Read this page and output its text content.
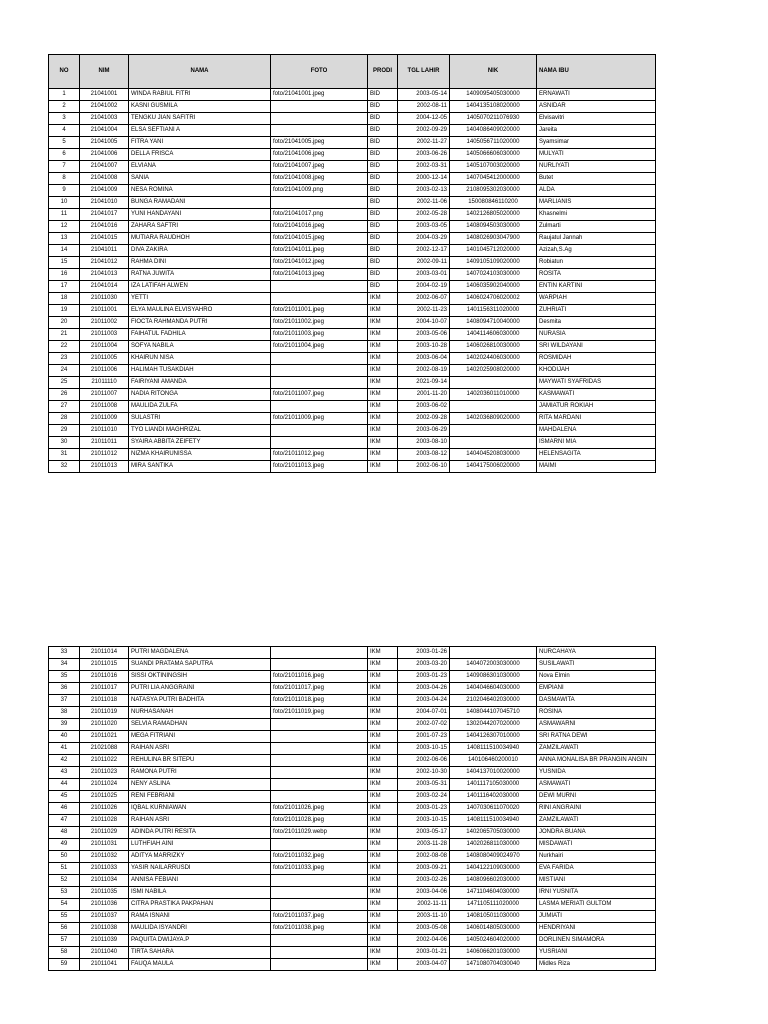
NO	NIM	NAMA	FOTO	PRODI	TGL LAHIR	NIK	NAMA IBU
1	21041001	WINDA RABIUL FITRI	foto/21041001.jpeg	BID	2003-05-14	1409095405030000	ERNAWATI
2	21041002	KASNI GUSMILA		BID	2002-08-11	1404135108020000	ASNIDAR
3	21041003	TENGKU JIAN SAFITRI		BID	2004-12-05	1405070211076930	Elvisavitri
4	21041004	ELSA SEFTIANI A		BID	2002-09-29	1404086409020000	Jareita
5	21041005	FITRA YANI	foto/21041005.jpeg	BID	2002-11-27	1405056711020000	Syamsimar
6	21041006	DELLA FRISCA	foto/21041006.jpeg	BID	2003-06-26	1405066606030000	MULYATI
7	21041007	ELVIANA	foto/21041007.jpeg	BID	2002-03-31	1405107003020000	NURLIYATI
8	21041008	SANIA	foto/21041008.jpeg	BID	2000-12-14	1407045412000000	Butet
9	21041009	NESA ROMINA	foto/21041009.png	BID	2003-02-13	2108095302030000	ALDA
10	21041010	BUNGA RAMADANI		BID	2002-11-06	150080846110200	MARLIANIS
11	21041017	YUNI HANDAYANI	foto/21041017.png	BID	2002-05-28	1402126805020000	Khasnelmi
12	21041016	ZAHARA SAFTRI	foto/21041016.jpeg	BID	2003-03-05	1408094503030000	Zulmarti
13	21041015	MUTIARA RAUDHOH	foto/21041015.jpeg	BID	2004-03-29	1408026903047900	Raujatul Jannah
14	21041011	DIVA ZAKIRA	foto/21041011.jpeg	BID	2002-12-17	1401045712020000	Azizah,S.Ag
15	21041012	RAHMA DINI	foto/21041012.jpeg	BID	2002-09-11	1409105109020000	Robiatun
16	21041013	RATNA JUWITA	foto/21041013.jpeg	BID	2003-03-01	1407024103030000	ROSITA
17	21041014	IZA LATIFAH ALWEN		BID	2004-02-19	1406035902040000	ENTIN KARTINI
18	21011030	YETTI		IKM	2002-06-07	1406024706020002	WARPIAH
19	21011001	ELYA MAULINA ELVISYAHRO	foto/21011001.jpeg	IKM	2002-11-23	1401156311020000	ZUHRIATI
20	21011002	FIOCTA RAHMANDA PUTRI	foto/21011002.jpeg	IKM	2004-10-07	1408094710040000	Desmita
21	21011003	FAIHATUL FADHILA	foto/21011003.jpeg	IKM	2003-05-06	1404114606030000	NURASIA
22	21011004	SOFYA NABILA	foto/21011004.jpeg	IKM	2003-10-28	1406026810030000	SRI WILDAYANI
23	21011005	KHAIRUN NISA		IKM	2003-06-04	1402024406030000	ROSMIDAH
24	21011006	HALIMAH TUSAKDIAH		IKM	2002-08-19	1402025908020000	KHODIJAH
25	21011110	FAIRIYANI AMANDA		IKM	2021-09-14		MAYWATI SYAFRIDAS
26	21011007	NADIA RITONGA	foto/21011007.jpeg	IKM	2001-11-20	1402036011010000	KASMAWATI
27	21011008	MAULIDA ZULFA		IKM	2003-06-02		JAMIATUR ROKIAH
28	21011009	SULASTRI	foto/21011009.jpeg	IKM	2002-09-28	1402036809020000	RITA MARDANI
29	21011010	TYO LIANDI MAGHRIZAL		IKM	2003-06-29		MAHDALENA
30	21011011	SYAIRA ABBITA ZEIFETY		IKM	2003-08-10		ISMARNI MIA
31	21011012	NIZMA KHAIRUNISSA	foto/21011012.jpeg	IKM	2003-08-12	1404045208030000	HELENSAGITA
32	21011013	MIRA SANTIKA	foto/21011013.jpeg	IKM	2002-06-10	1404175006020000	MAIMI
33	21011014	PUTRI MAGDALENA		IKM	2003-01-26		NURCAHAYA
34	21011015	SUANDI PRATAMA SAPUTRA		IKM	2003-03-20	1404072003030000	SUSILAWATI
35	21011016	SISSI OKTININGSIH	foto/21011016.jpeg	IKM	2003-01-23	1409086301030000	Nova Elmin
36	21011017	PUTRI LIA ANGGRAINI	foto/21011017.jpeg	IKM	2003-04-26	1404046604030000	EMPIANI
37	21011018	NATASYA PUTRI BADHITA	foto/21011018.jpeg	IKM	2003-04-24	2102046402030000	DASMAWITA
38	21011019	NURHASANAH	foto/21011019.jpeg	IKM	2004-07-01	1408044107045710	ROSINA
39	21011020	SELVIA RAMADHAN		IKM	2002-07-02	1302044207020000	ASMAWARNI
40	21011021	MEGA FITRIANI		IKM	2001-07-23	1404126307010000	SRI RATNA DEWI
41	21021088	RAIHAN ASRI		IKM	2003-10-15	1408111510034940	ZAMZILAWATI
42	21011022	REHULINA BR SITEPU		IKM	2002-06-06	140106460200010	ANNA MONALISA BR PRANGIN ANGIN
43	21011023	RAMONA PUTRI		IKM	2002-10-30	1404137010020000	YUSNIDA
44	21011024	NENY ASLINA		IKM	2003-05-31	1401117105030000	ASMAWATI
45	21011025	RENI FEBRIANI		IKM	2003-02-24	1401116402030000	DEWI MURNI
46	21011026	IQBAL KURNIAWAN	foto/21011026.jpeg	IKM	2003-01-23	1407030611070020	RINI ANGRAINI
47	21011028	RAIHAN ASRI	foto/21011028.jpeg	IKM	2003-10-15	1408111510034940	ZAMZILAWATI
48	21011029	ADINDA PUTRI RESITA	foto/21011029.webp	IKM	2003-05-17	1402065705030000	JONDRA BUANA
49	21011031	LUTHFIAH AINI		IKM	2003-11-28	1402026811030000	MISDAWATI
50	21011032	ADITYA MARRIZKY	foto/21011032.jpeg	IKM	2002-08-08	1408080409024970	Nurkhairi
51	21011033	YASIR NAILARRUSDI	foto/21011033.jpeg	IKM	2003-09-21	1404122109030000	EVA FARIDA
52	21011034	ANNISA FEBIANI		IKM	2003-02-26	1408096602030000	MISTIANI
53	21011035	ISMI NABILA		IKM	2003-04-06	1471104604030000	IRNI YUSNITA
54	21011036	CITRA PRASTIKA PAKPAHAN		IKM	2002-11-11	1471105111020000	LASMA MERIATI GULTOM
55	21011037	RAMA ISNANI	foto/21011037.jpeg	IKM	2003-11-10	1408105011030000	JUMIATI
56	21011038	MAULIDA ISYANDRI	foto/21011038.jpeg	IKM	2003-05-08	1406014805030000	HENDRIYANI
57	21011039	PAQUITA DWIJAYA.P		IKM	2002-04-06	1405024604020000	DORLINEN SIMAMORA
58	21011040	TIRTA SAHARA		IKM	2003-01-21	1406066201030000	YUSRIANI
59	21011041	FAUQA MAULA		IKM	2003-04-07	1471080704030040	Midles Riza
